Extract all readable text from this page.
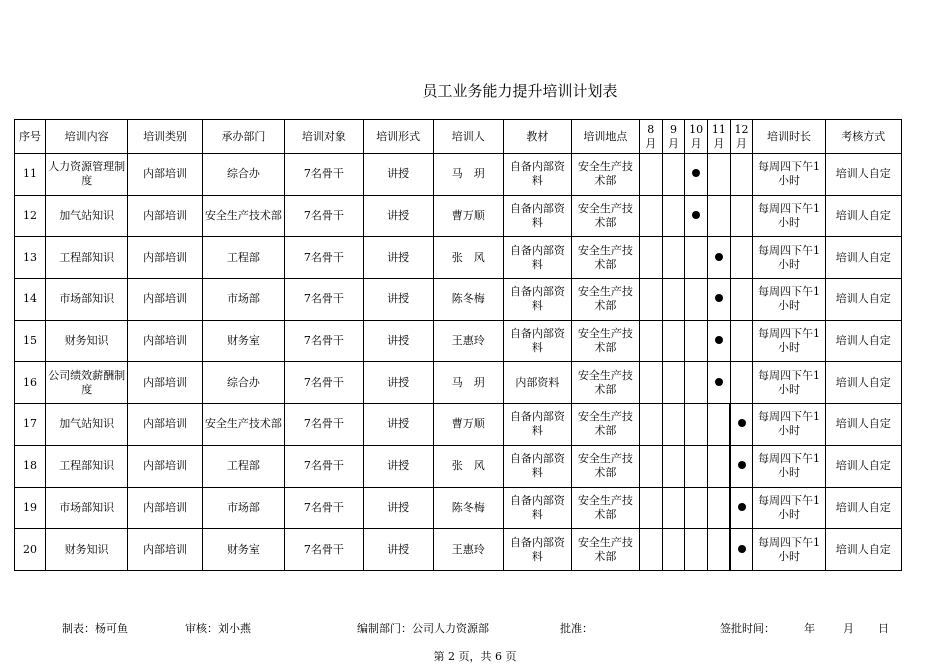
员工业务能力提升培训计划表
序号	培训内容	培训类别	承办部门	培训对象	培训形式	培训人	教材	培训地点	8月	9月	10月	11月	12月	培训时长	考核方式
11	人力资源管理制度	内部培训	综合办	7名骨干	讲授	马　玥	自备内部资料	安全生产技术部						每周四下午1小时	培训人自定
12	加气站知识	内部培训	安全生产技术部	7名骨干	讲授	曹万顺	自备内部资料	安全生产技术部						每周四下午1小时	培训人自定
13	工程部知识	内部培训	工程部	7名骨干	讲授	张　风	自备内部资料	安全生产技术部						每周四下午1小时	培训人自定
14	市场部知识	内部培训	市场部	7名骨干	讲授	陈冬梅	自备内部资料	安全生产技术部						每周四下午1小时	培训人自定
15	财务知识	内部培训	财务室	7名骨干	讲授	王惠玲	自备内部资料	安全生产技术部						每周四下午1小时	培训人自定
16	公司绩效薪酬制度	内部培训	综合办	7名骨干	讲授	马　玥	内部资料	安全生产技术部						每周四下午1小时	培训人自定
17	加气站知识	内部培训	安全生产技术部	7名骨干	讲授	曹万顺	自备内部资料	安全生产技术部						每周四下午1小时	培训人自定
18	工程部知识	内部培训	工程部	7名骨干	讲授	张　风	自备内部资料	安全生产技术部						每周四下午1小时	培训人自定
19	市场部知识	内部培训	市场部	7名骨干	讲授	陈冬梅	自备内部资料	安全生产技术部						每周四下午1小时	培训人自定
20	财务知识	内部培训	财务室	7名骨干	讲授	王惠玲	自备内部资料	安全生产技术部						每周四下午1小时	培训人自定
制表：杨可鱼	审核：刘小燕	编制部门：公司人力资源部	批准：	签批时间：	年	月 日
第 2 页，共 6 页
